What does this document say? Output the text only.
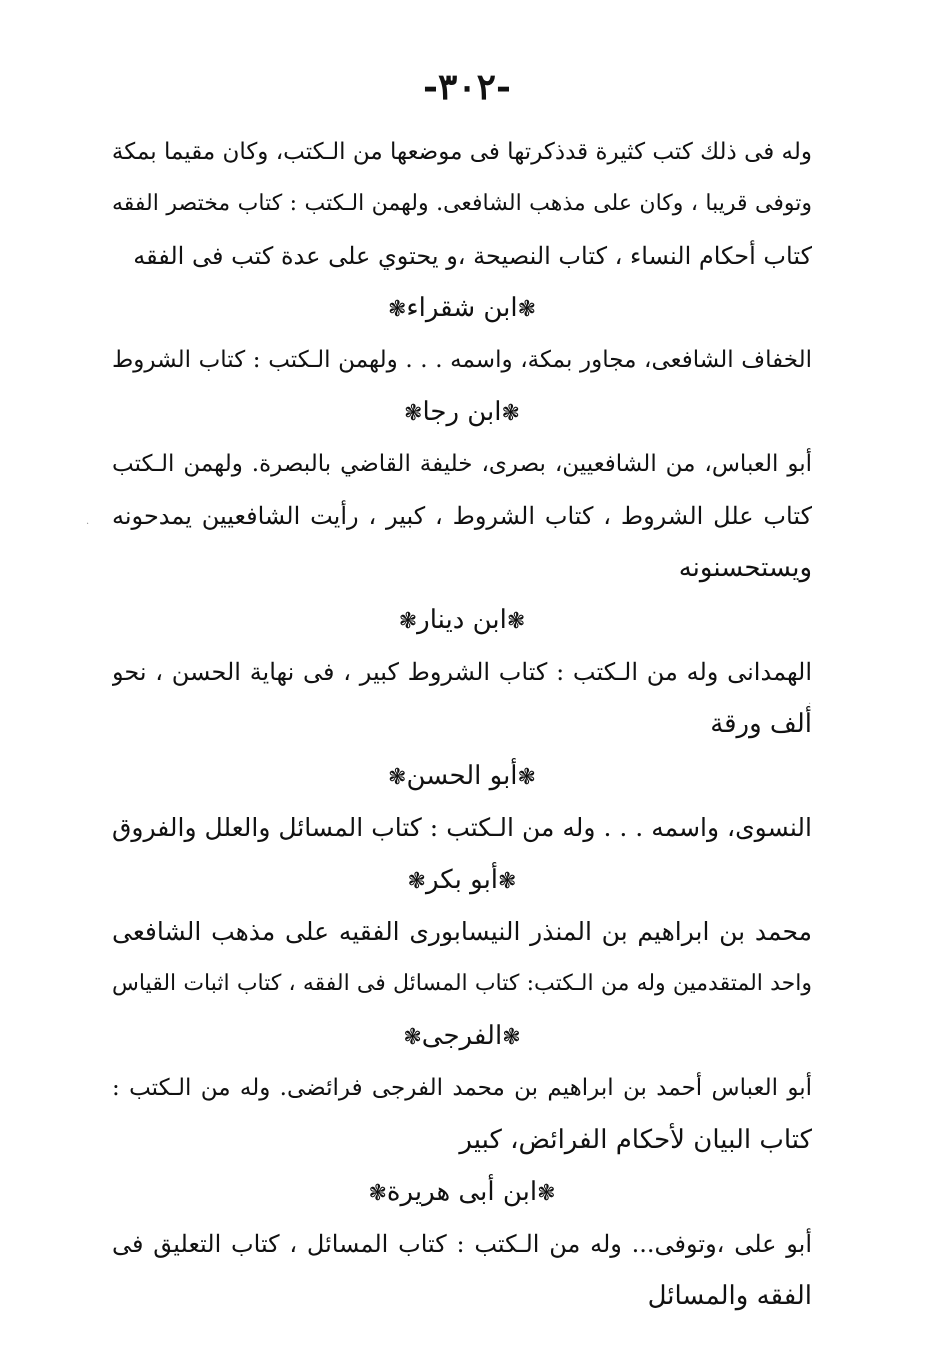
-٣٠٢-
وله فى ذلك كتب كثيرة قدذكرتها فى موضعها من الـكتب، وكان مقيما بمكة
وتوفى قريبا ، وكان على مذهب الشافعى. ولهمن الـكتب : كتاب مختصر الفقه
كتاب أحكام النساء ، كتاب النصيحة ،و يحتوي على عدة كتب فى الفقه
❃ابن شقراء❃
الخفاف الشافعى، مجاور بمكة، واسمه . . . ولهمن الـكتب : كتاب الشروط
❃ابن رجا❃
أبو العباس، من الشافعيين، بصرى، خليفة القاضي بالبصرة. ولهمن الـكتب
كتاب علل الشروط ، كتاب الشروط ، كبير ، رأيت الشافعيين يمدحونه
ويستحسنونه
❃ابن دينار❃
الهمدانى وله من الـكتب : كتاب الشروط كبير ، فى نهاية الحسن ، نحو
ألف ورقة
❃أبو الحسن❃
النسوى، واسمه . . . وله من الـكتب : كتاب المسائل والعلل والفروق
❃أبو بكر❃
محمد بن ابراهيم بن المنذر النيسابورى الفقيه على مذهب الشافعى
واحد المتقدمين وله من الـكتب: كتاب المسائل فى الفقه ، كتاب اثبات القياس
❃الفرجى❃
أبو العباس أحمد بن ابراهيم بن محمد الفرجى فرائضى. وله من الـكتب :
كتاب البيان لأحكام الفرائض، كبير
❃ابن أبى هريرة❃
أبو على ،وتوفى... وله من الـكتب : كتاب المسائل ، كتاب التعليق فى
الفقه والمسائل
·
·
